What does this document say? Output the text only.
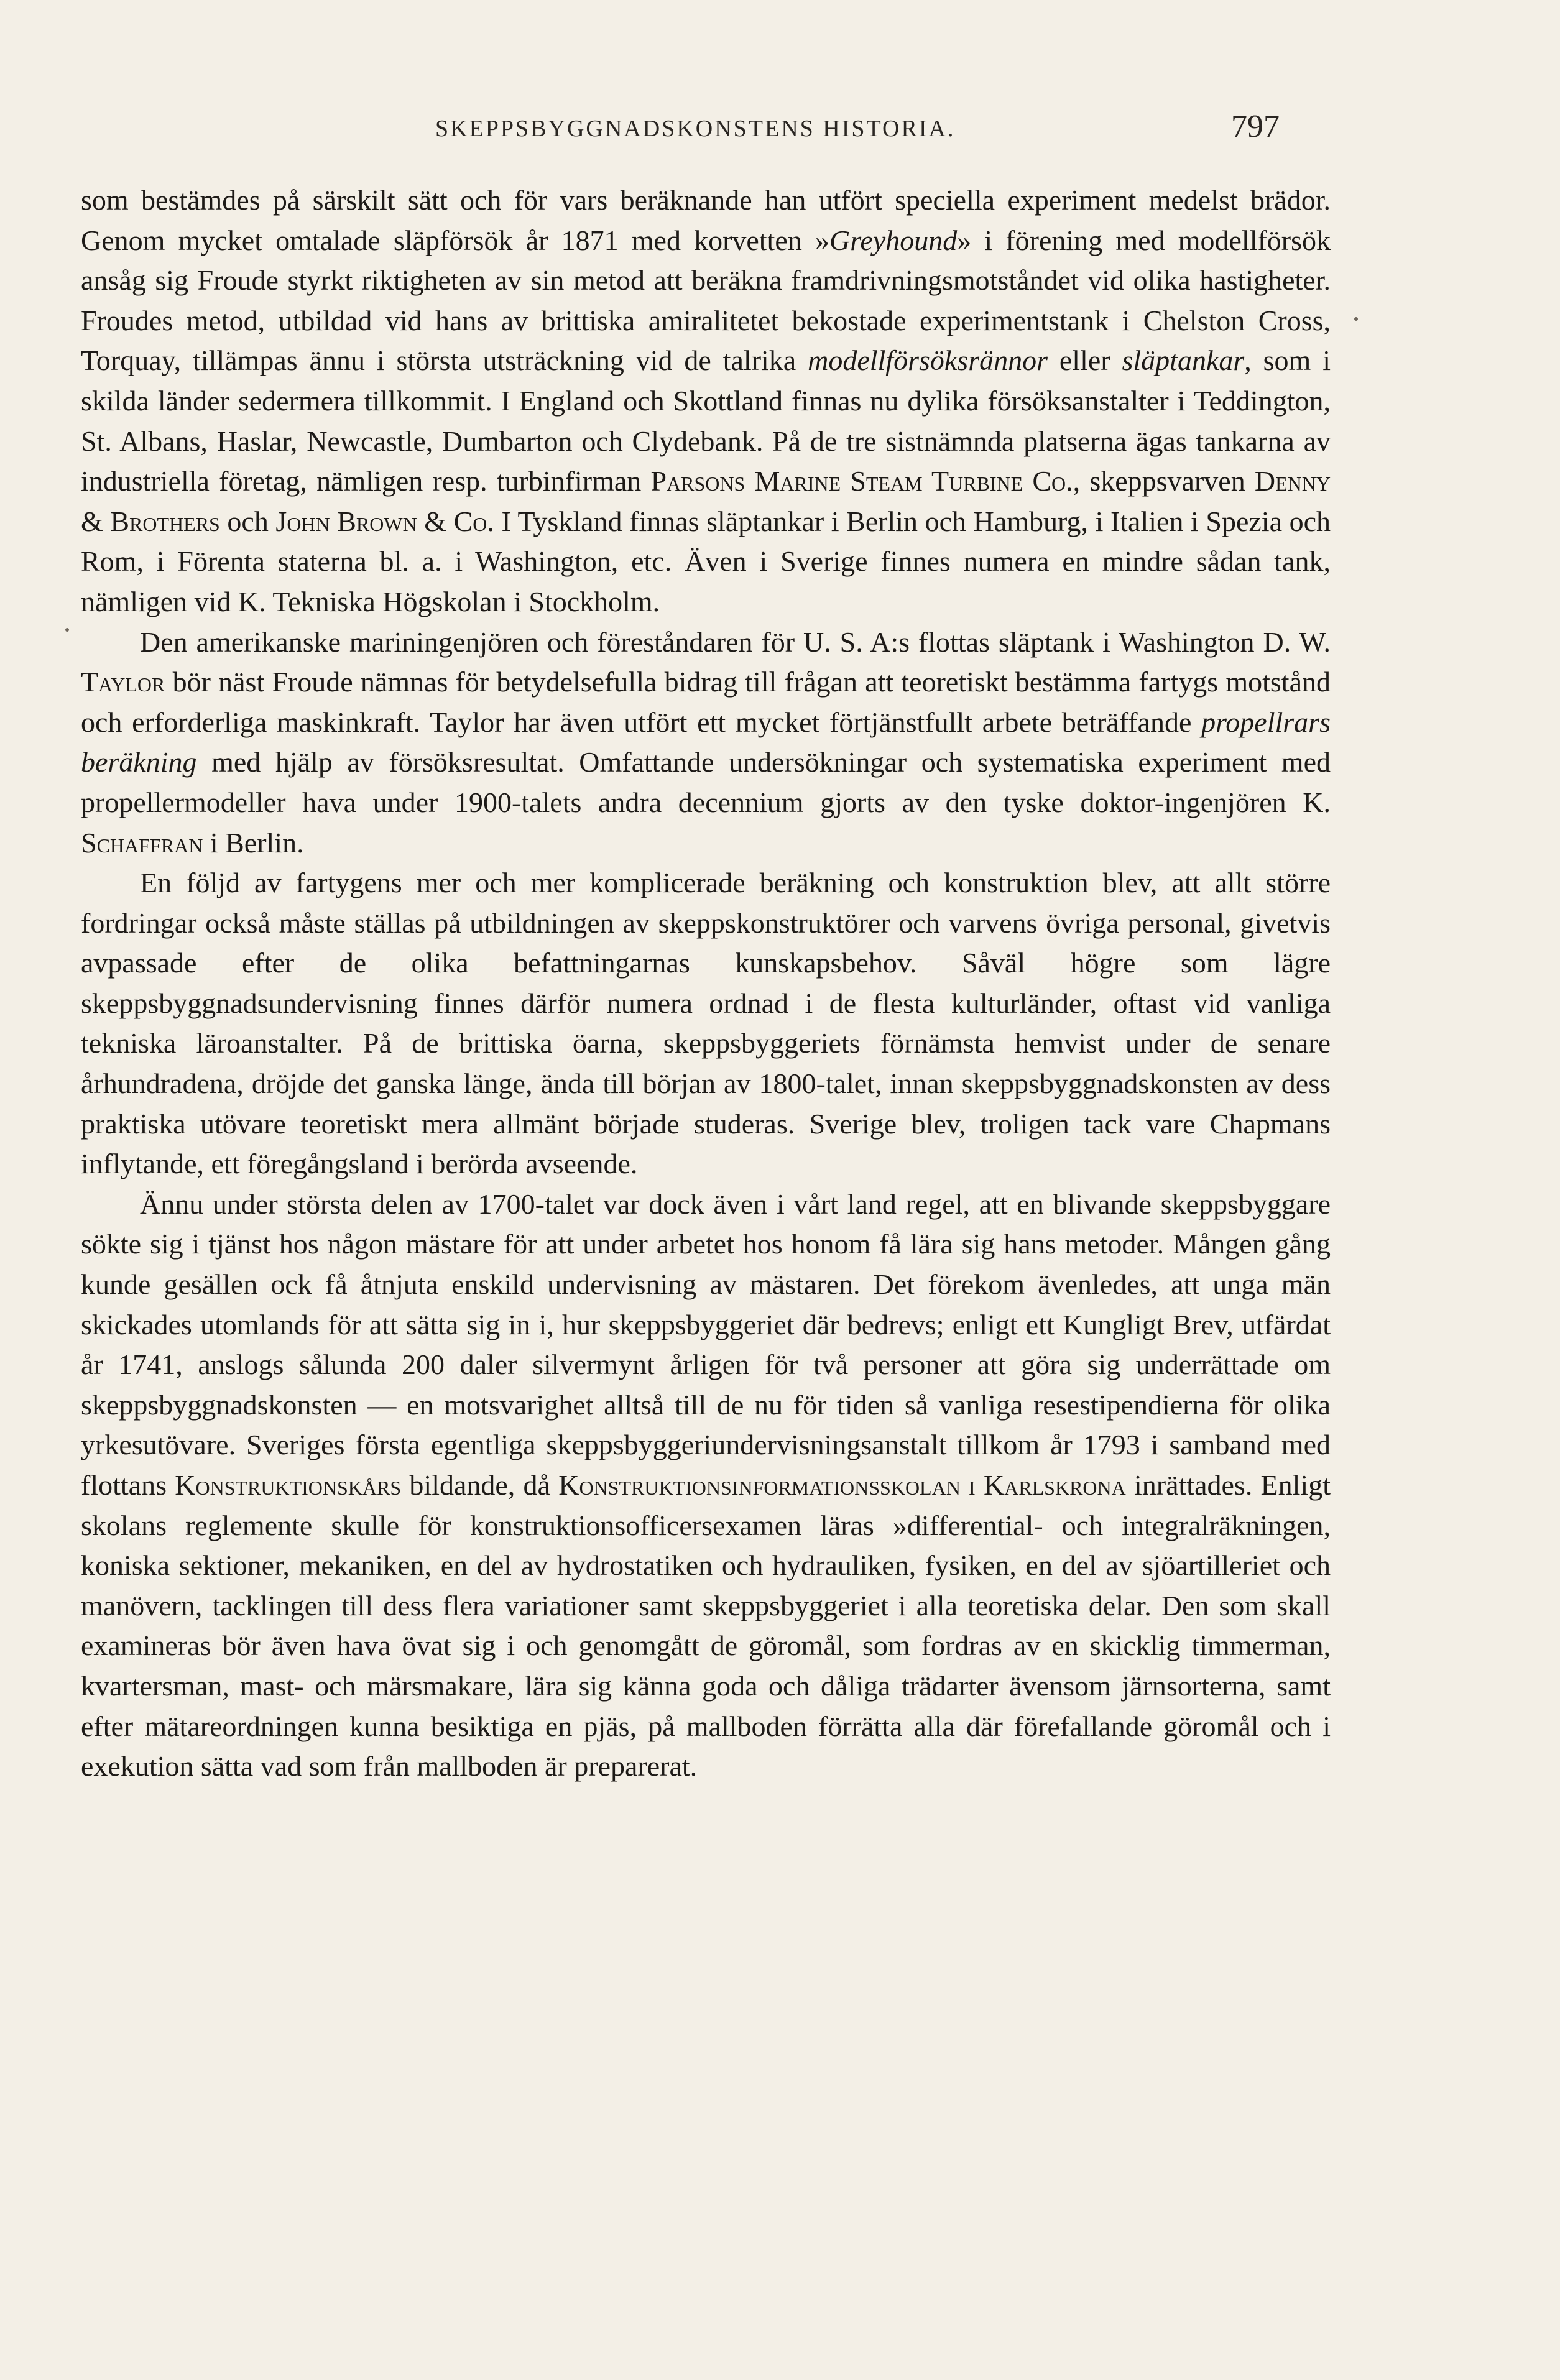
SKEPPSBYGGNADSKONSTENS HISTORIA.	797

som bestämdes på särskilt sätt och för vars beräknande han utfört speciella experiment medelst brädor. Genom mycket omtalade släpförsök år 1871 med korvetten »Greyhound» i förening med modellförsök ansåg sig Froude styrkt riktigheten av sin metod att beräkna framdrivningsmotståndet vid olika hastigheter. Froudes metod, utbildad vid hans av brittiska amiralitetet bekostade experimentstank i Chelston Cross, Torquay, tillämpas ännu i största utsträckning vid de talrika modellförsöksrännor eller släptankar, som i skilda länder sedermera tillkommit. I England och Skottland finnas nu dylika försöksanstalter i Teddington, St. Albans, Haslar, Newcastle, Dumbarton och Clydebank. På de tre sistnämnda platserna ägas tankarna av industriella företag, nämligen resp. turbinfirman Parsons Marine Steam Turbine Co., skeppsvarven Denny & Brothers och John Brown & Co. I Tyskland finnas släptankar i Berlin och Hamburg, i Italien i Spezia och Rom, i Förenta staterna bl. a. i Washington, etc. Även i Sverige finnes numera en mindre sådan tank, nämligen vid K. Tekniska Högskolan i Stockholm.

Den amerikanske mariningenjören och föreståndaren för U. S. A:s flottas släptank i Washington D. W. Taylor bör näst Froude nämnas för betydelsefulla bidrag till frågan att teoretiskt bestämma fartygs motstånd och erforderliga maskinkraft. Taylor har även utfört ett mycket förtjänstfullt arbete beträffande propellrars beräkning med hjälp av försöksresultat. Omfattande undersökningar och systematiska experiment med propellermodeller hava under 1900-talets andra decennium gjorts av den tyske doktor-ingenjören K. Schaffran i Berlin.

En följd av fartygens mer och mer komplicerade beräkning och konstruktion blev, att allt större fordringar också måste ställas på utbildningen av skeppskonstruktörer och varvens övriga personal, givetvis avpassade efter de olika befattningarnas kunskapsbehov. Såväl högre som lägre skeppsbyggnadsundervisning finnes därför numera ordnad i de flesta kulturländer, oftast vid vanliga tekniska läroanstalter. På de brittiska öarna, skeppsbyggeriets förnämsta hemvist under de senare århundradena, dröjde det ganska länge, ända till början av 1800-talet, innan skeppsbyggnadskonsten av dess praktiska utövare teoretiskt mera allmänt började studeras. Sverige blev, troligen tack vare Chapmans inflytande, ett föregångsland i berörda avseende.

Ännu under största delen av 1700-talet var dock även i vårt land regel, att en blivande skeppsbyggare sökte sig i tjänst hos någon mästare för att under arbetet hos honom få lära sig hans metoder. Mången gång kunde gesällen ock få åtnjuta enskild undervisning av mästaren. Det förekom ävenledes, att unga män skickades utomlands för att sätta sig in i, hur skeppsbyggeriet där bedrevs; enligt ett Kungligt Brev, utfärdat år 1741, anslogs sålunda 200 daler silvermynt årligen för två personer att göra sig underrättade om skeppsbyggnadskonsten — en motsvarighet alltså till de nu för tiden så vanliga resestipendierna för olika yrkesutövare. Sveriges första egentliga skeppsbyggeriundervisningsanstalt tillkom år 1793 i samband med flottans Konstruktionskårs bildande, då Konstruktionsinformationsskolan i Karlskrona inrättades. Enligt skolans reglemente skulle för konstruktionsofficersexamen läras »differential- och integralräkningen, koniska sektioner, mekaniken, en del av hydrostatiken och hydrauliken, fysiken, en del av sjöartilleriet och manövern, tacklingen till dess flera variationer samt skeppsbyggeriet i alla teoretiska delar. Den som skall examineras bör även hava övat sig i och genomgått de göromål, som fordras av en skicklig timmerman, kvartersman, mast- och märsmakare, lära sig känna goda och dåliga trädarter ävensom järnsorterna, samt efter mätareordningen kunna besiktiga en pjäs, på mallboden förrätta alla där förefallande göromål och i exekution sätta vad som från mallboden är preparerat.
